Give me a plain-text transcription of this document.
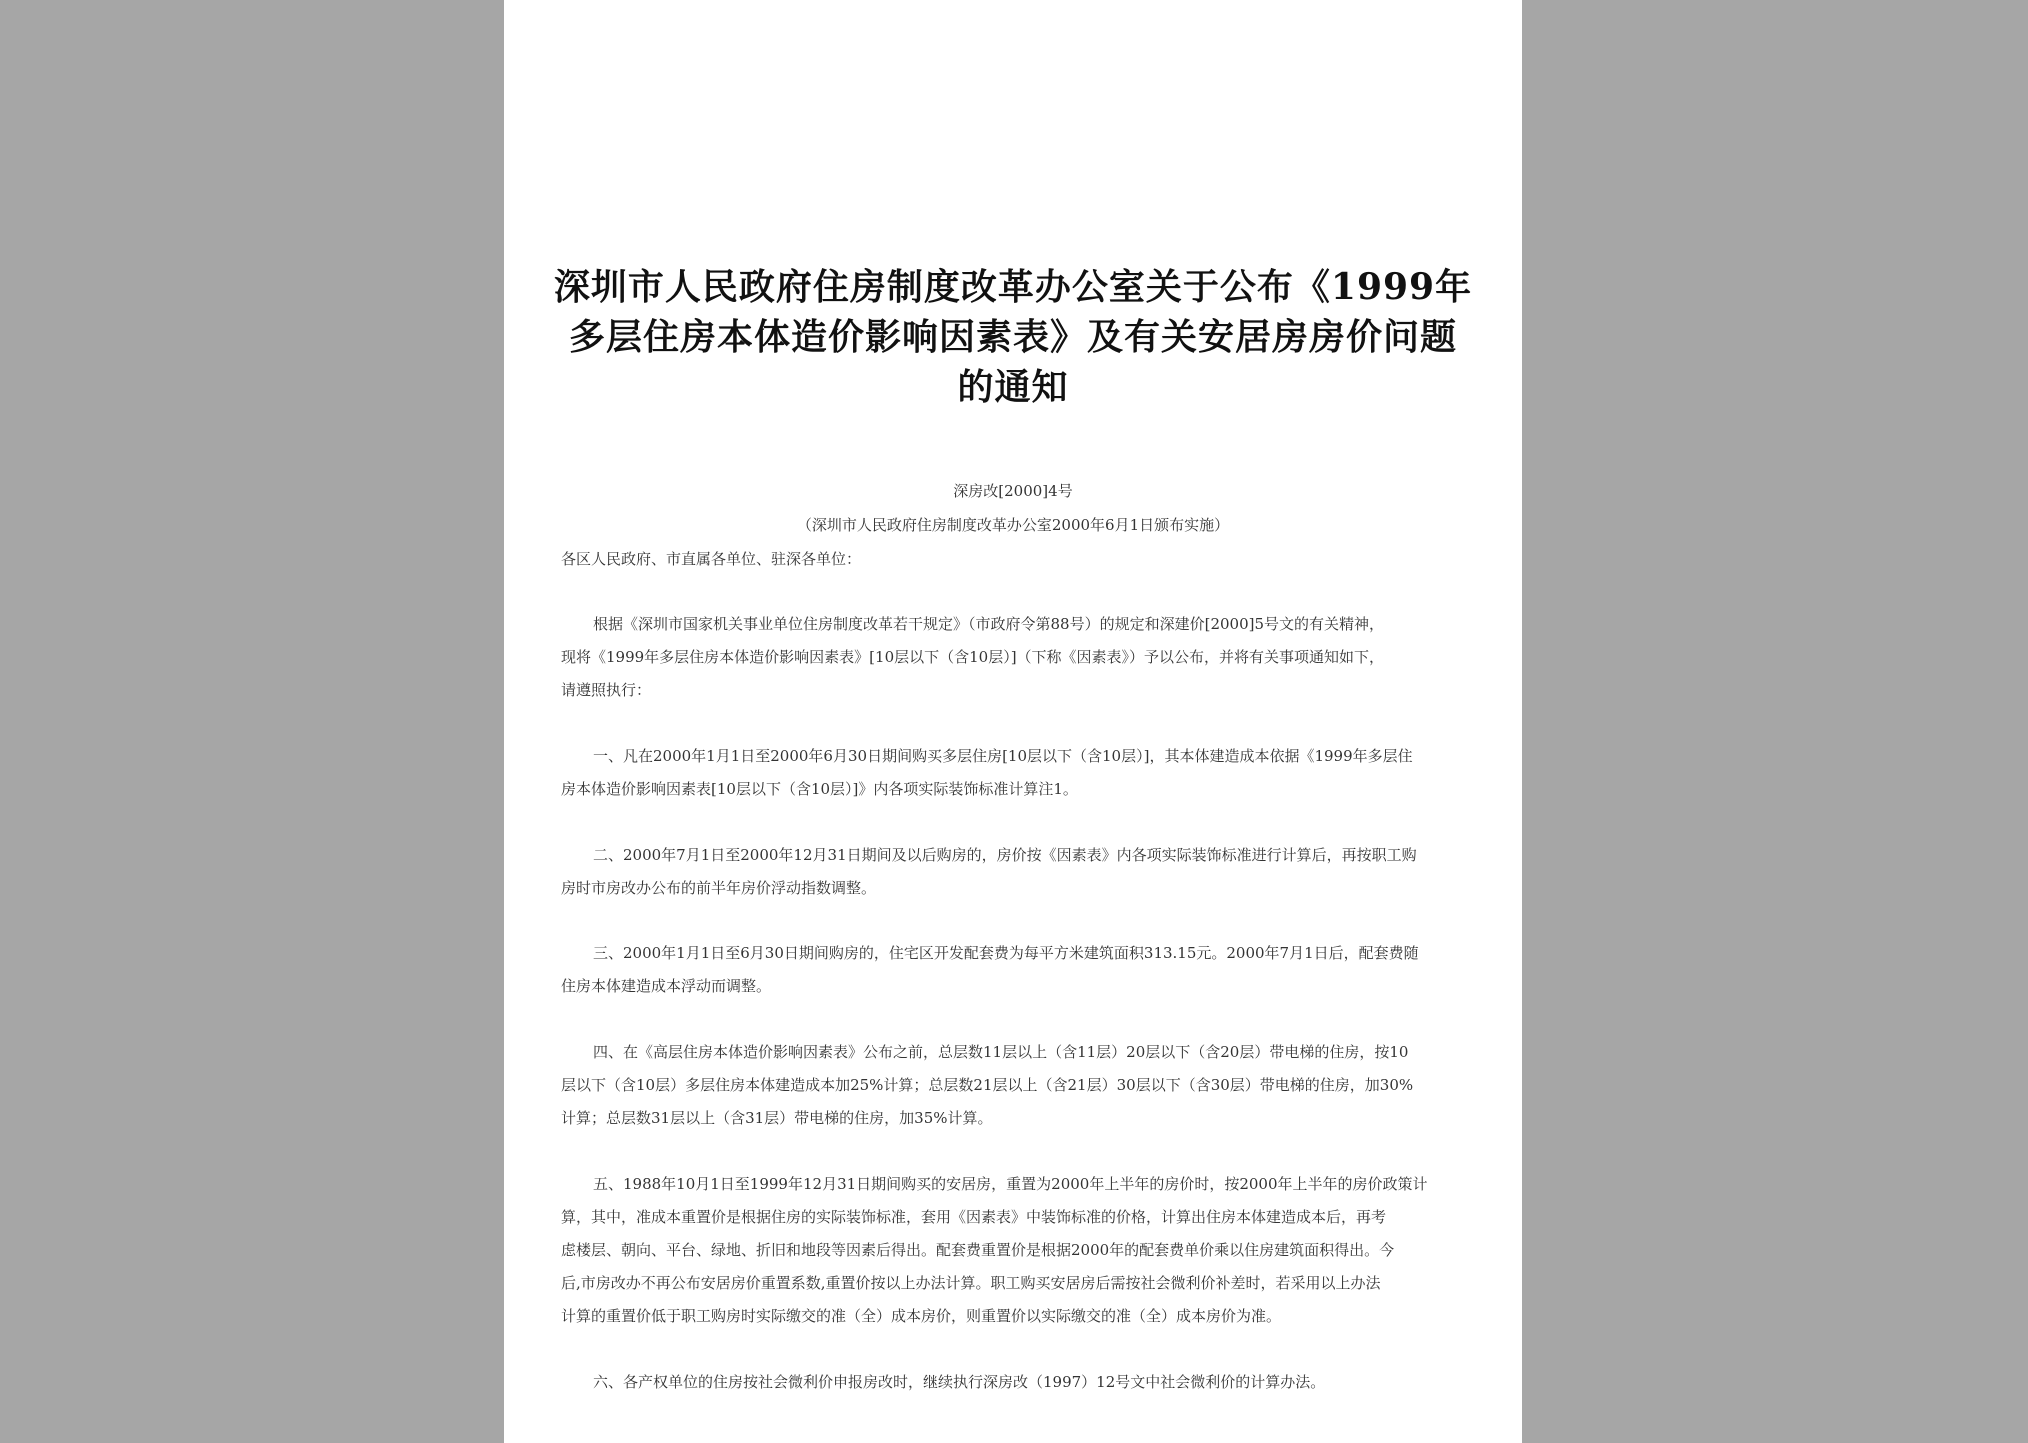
深圳市人民政府住房制度改革办公室关于公布《1999年
多层住房本体造价影响因素表》及有关安居房房价问题
的通知
深房改[2000]4号
（深圳市人民政府住房制度改革办公室2000年6月1日颁布实施）
各区人民政府、市直属各单位、驻深各单位：
根据《深圳市国家机关事业单位住房制度改革若干规定》（市政府令第88号）的规定和深建价[2000]5号文的有关精神，
现将《1999年多层住房本体造价影响因素表》[10层以下（含10层）]（下称《因素表》）予以公布，并将有关事项通知如下，
请遵照执行：
一、凡在2000年1月1日至2000年6月30日期间购买多层住房[10层以下（含10层）]，其本体建造成本依据《1999年多层住
房本体造价影响因素表[10层以下（含10层）]》内各项实际装饰标准计算注1。
二、2000年7月1日至2000年12月31日期间及以后购房的，房价按《因素表》内各项实际装饰标准进行计算后，再按职工购
房时市房改办公布的前半年房价浮动指数调整。
三、2000年1月1日至6月30日期间购房的，住宅区开发配套费为每平方米建筑面积313.15元。2000年7月1日后，配套费随
住房本体建造成本浮动而调整。
四、在《高层住房本体造价影响因素表》公布之前，总层数11层以上（含11层）20层以下（含20层）带电梯的住房，按10
层以下（含10层）多层住房本体建造成本加25%计算；总层数21层以上（含21层）30层以下（含30层）带电梯的住房，加30%
计算；总层数31层以上（含31层）带电梯的住房，加35%计算。
五、1988年10月1日至1999年12月31日期间购买的安居房，重置为2000年上半年的房价时，按2000年上半年的房价政策计
算，其中，准成本重置价是根据住房的实际装饰标准，套用《因素表》中装饰标准的价格，计算出住房本体建造成本后，再考
虑楼层、朝向、平台、绿地、折旧和地段等因素后得出。配套费重置价是根据2000年的配套费单价乘以住房建筑面积得出。今
后,市房改办不再公布安居房价重置系数,重置价按以上办法计算。职工购买安居房后需按社会微利价补差时，若采用以上办法
计算的重置价低于职工购房时实际缴交的准（全）成本房价，则重置价以实际缴交的准（全）成本房价为准。
六、各产权单位的住房按社会微利价申报房改时，继续执行深房改（1997）12号文中社会微利价的计算办法。
